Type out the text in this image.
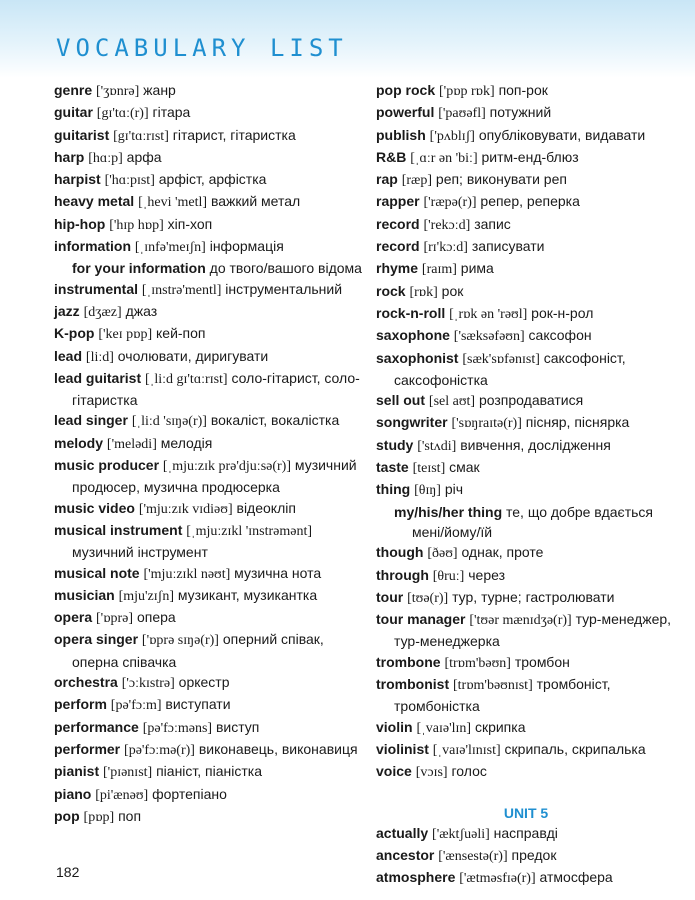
VOCABULARY LIST

genre ['ʒɒnrə] жанр

guitar [gɪ'tɑː(r)] гітара

guitarist [gɪ'tɑːrɪst] гітарист, гітаристка

harp [hɑːp] арфа

harpist ['hɑːpɪst] арфіст, арфістка

heavy metal [ˌhevi 'metl] важкий метал

hip-hop ['hɪp hɒp] хіп-хоп

information [ˌɪnfə'meɪʃn] інформація

for your information до твого/вашого відома

instrumental [ˌɪnstrə'mentl] інструментальний

jazz [dʒæz] джаз

K-pop ['keɪ pɒp] кей-поп

lead [liːd] очолювати, диригувати

lead guitarist [ˌliːd gɪ'tɑːrɪst] соло-гітарист, соло-гітаристка

lead singer [ˌliːd 'sɪŋə(r)] вокаліст, вокалістка

melody ['melədi] мелодія

music producer [ˌmjuːzɪk prə'djuːsə(r)] музичний продюсер, музична продюсерка

music video ['mjuːzɪk vɪdiəʊ] відеокліп

musical instrument [ˌmjuːzɪkl 'ɪnstrəmənt] музичний інструмент

musical note ['mjuːzɪkl nəʊt] музична нота

musician [mju'zɪʃn] музикант, музикантка

opera ['ɒprə] опера

opera singer ['ɒprə sɪŋə(r)] оперний співак, оперна співачка

orchestra ['ɔːkɪstrə] оркестр

perform [pə'fɔːm] виступати

performance [pə'fɔːməns] виступ

performer [pə'fɔːmə(r)] виконавець, виконавиця

pianist ['pɪənɪst] піаніст, піаністка

piano [pi'ænəʊ] фортепіано

pop [pɒp] поп

pop rock ['pɒp rɒk] поп-рок

powerful ['paʊəfl] потужний

publish ['pʌblɪʃ] опубліковувати, видавати

R&B [ˌɑːr ən 'biː] ритм-енд-блюз

rap [ræp] реп; виконувати реп

rapper ['ræpə(r)] репер, реперка

record ['rekɔːd] запис

record [rɪ'kɔːd] записувати

rhyme [raɪm] рима

rock [rɒk] рок

rock-n-roll [ˌrɒk ən 'rəʊl] рок-н-рол

saxophone ['sæksəfəʊn] саксофон

saxophonist [sæk'sɒfənɪst] саксофоніст, саксофоністка

sell out [sel aʊt] розпродаватися

songwriter ['sɒŋraɪtə(r)] пісняр, піснярка

study ['stʌdi] вивчення, дослідження

taste [teɪst] смак

thing [θɪŋ] річ

my/his/her thing те, що добре вдається мені/йому/їй

though [ðəʊ] однак, проте

through [θruː] через

tour [tʊə(r)] тур, турне; гастролювати

tour manager ['tʊər mænɪdʒə(r)] тур-менеджер, тур-менеджерка

trombone [trɒm'bəʊn] тромбон

trombonist [trɒm'bəʊnɪst] тромбоніст, тромбоністка

violin [ˌvaɪə'lɪn] скрипка

violinist [ˌvaɪə'lɪnɪst] скрипаль, скрипалька

voice [vɔɪs] голос

UNIT 5

actually ['æktʃuəli] насправді

ancestor ['ænsestə(r)] предок

atmosphere ['ætməsfɪə(r)] атмосфера

182
